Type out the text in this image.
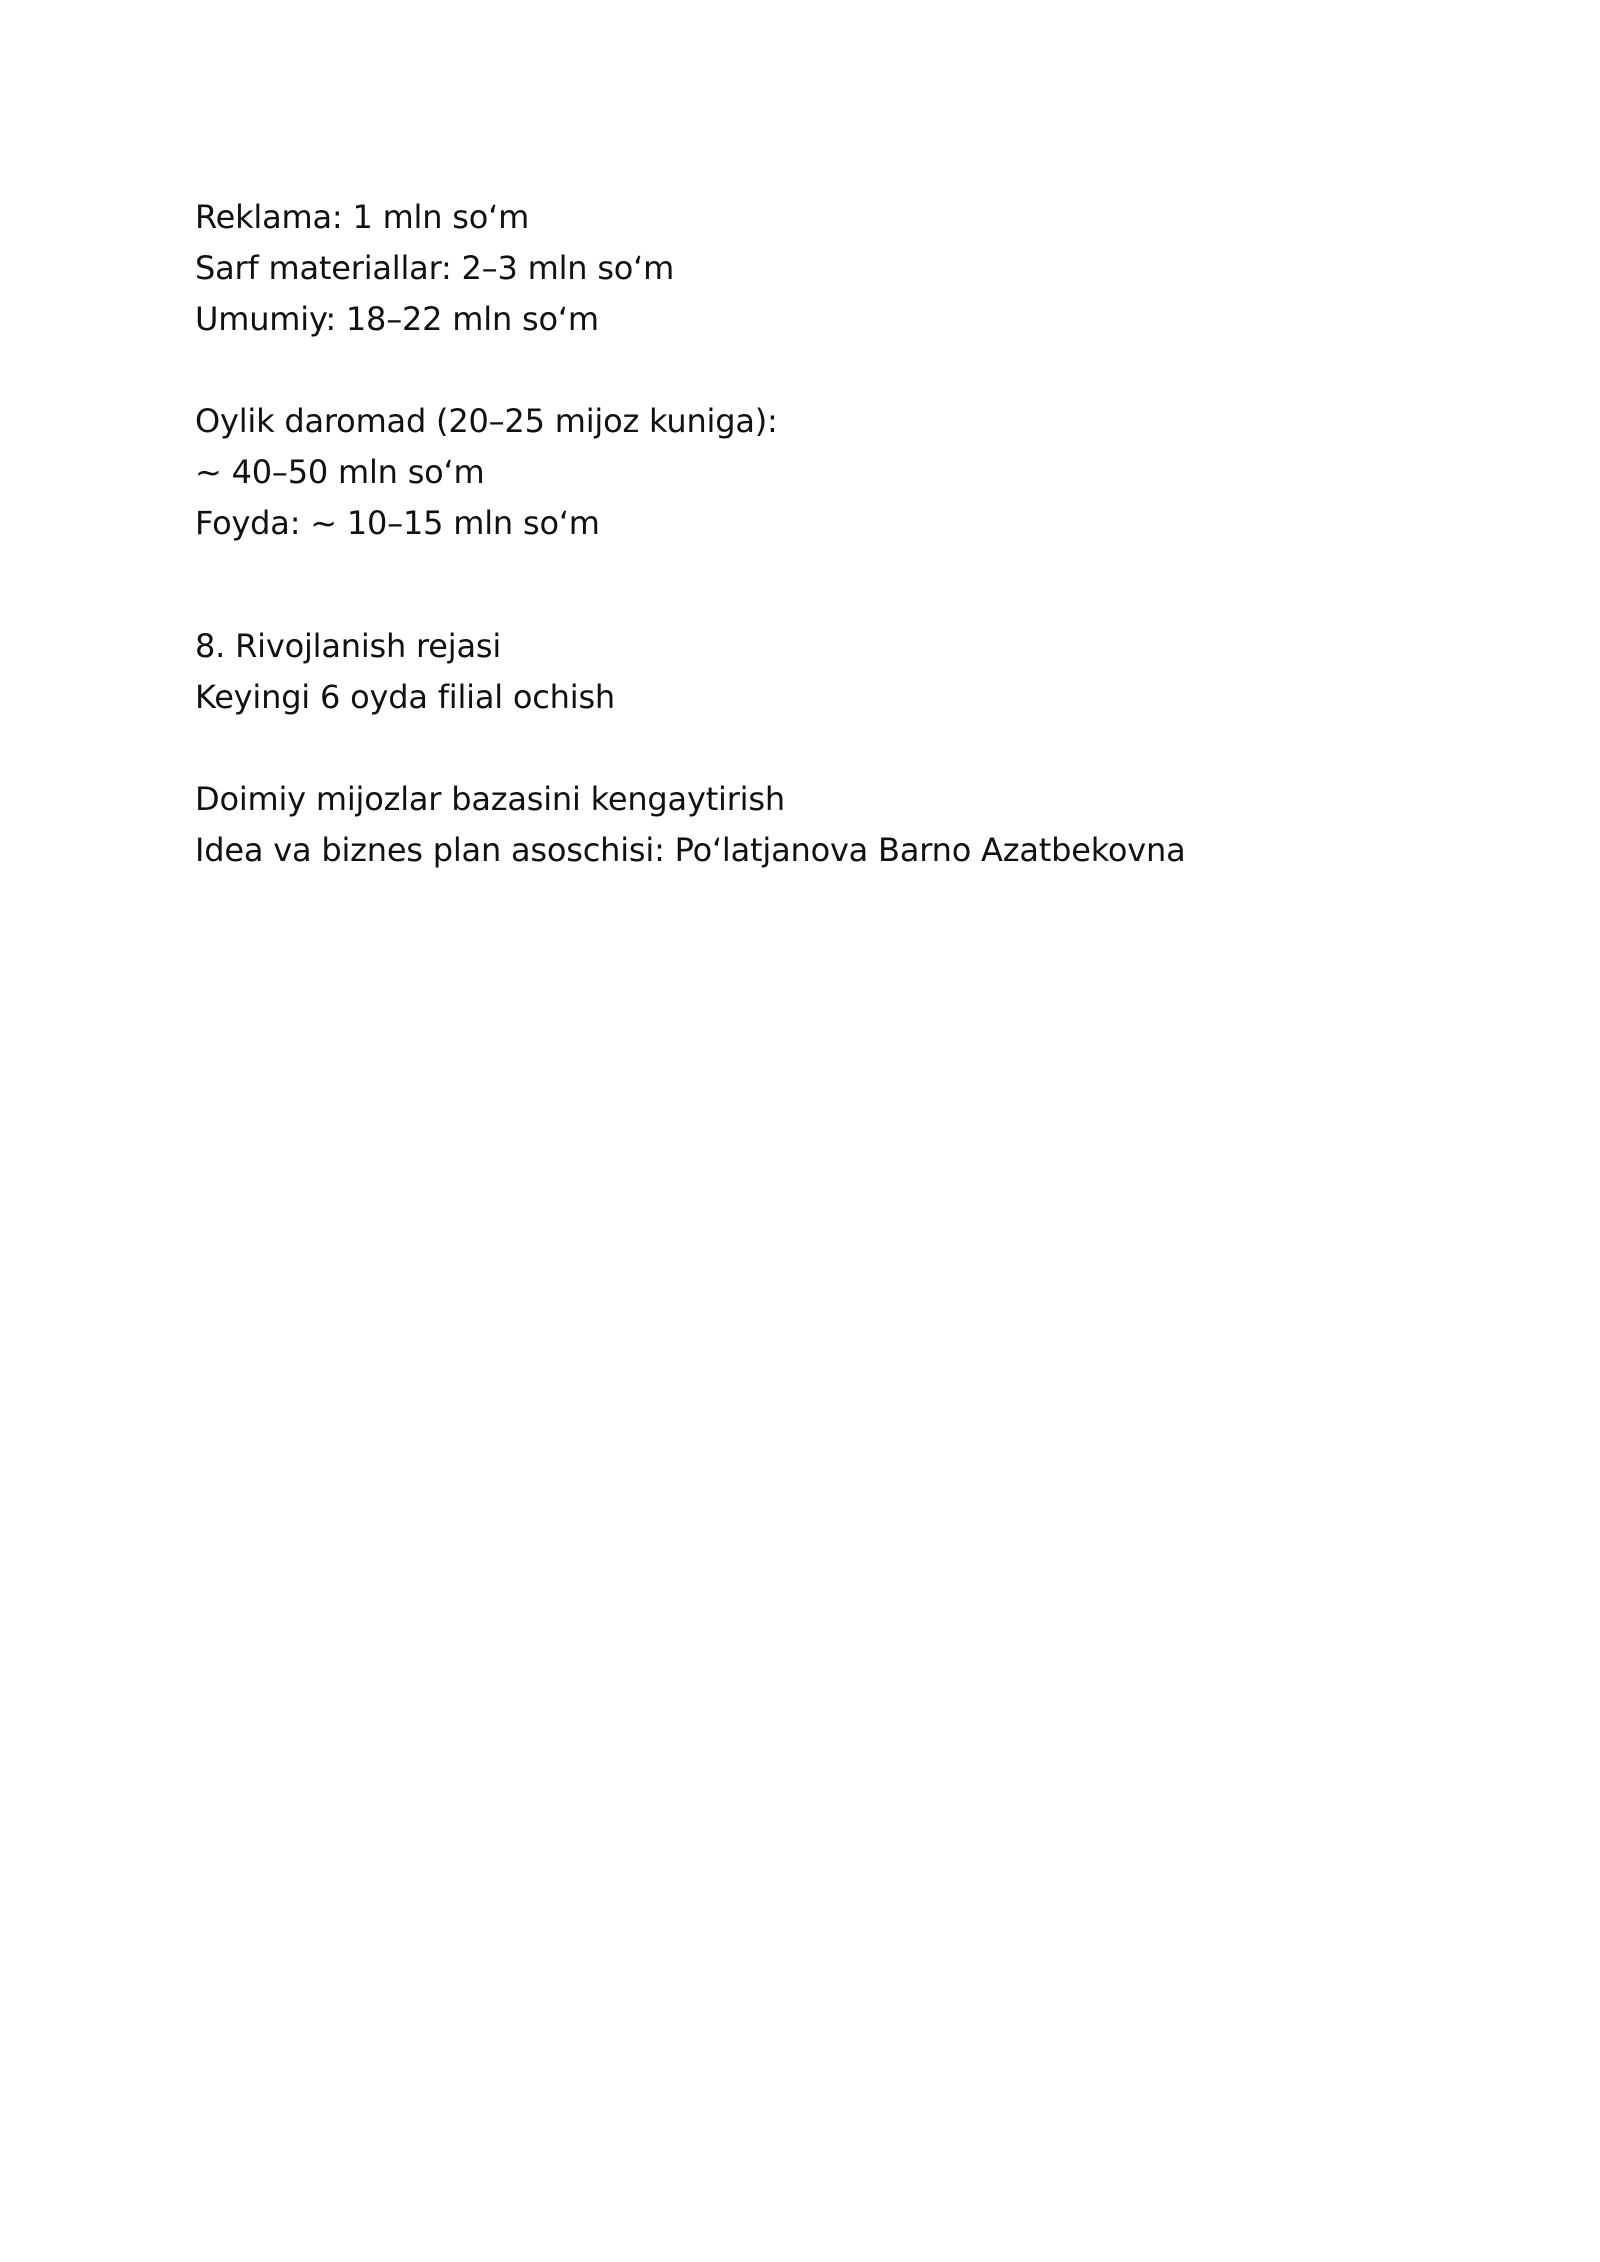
Reklama: 1 mln so‘m
Sarf materiallar: 2–3 mln so‘m
Umumiy: 18–22 mln so‘m
Oylik daromad (20–25 mijoz kuniga):
~ 40–50 mln so‘m
Foyda: ~ 10–15 mln so‘m
8. Rivojlanish rejasi
Keyingi 6 oyda filial ochish
Doimiy mijozlar bazasini kengaytirish
Idea va biznes plan asoschisi: Po‘latjanova Barno Azatbekovna
